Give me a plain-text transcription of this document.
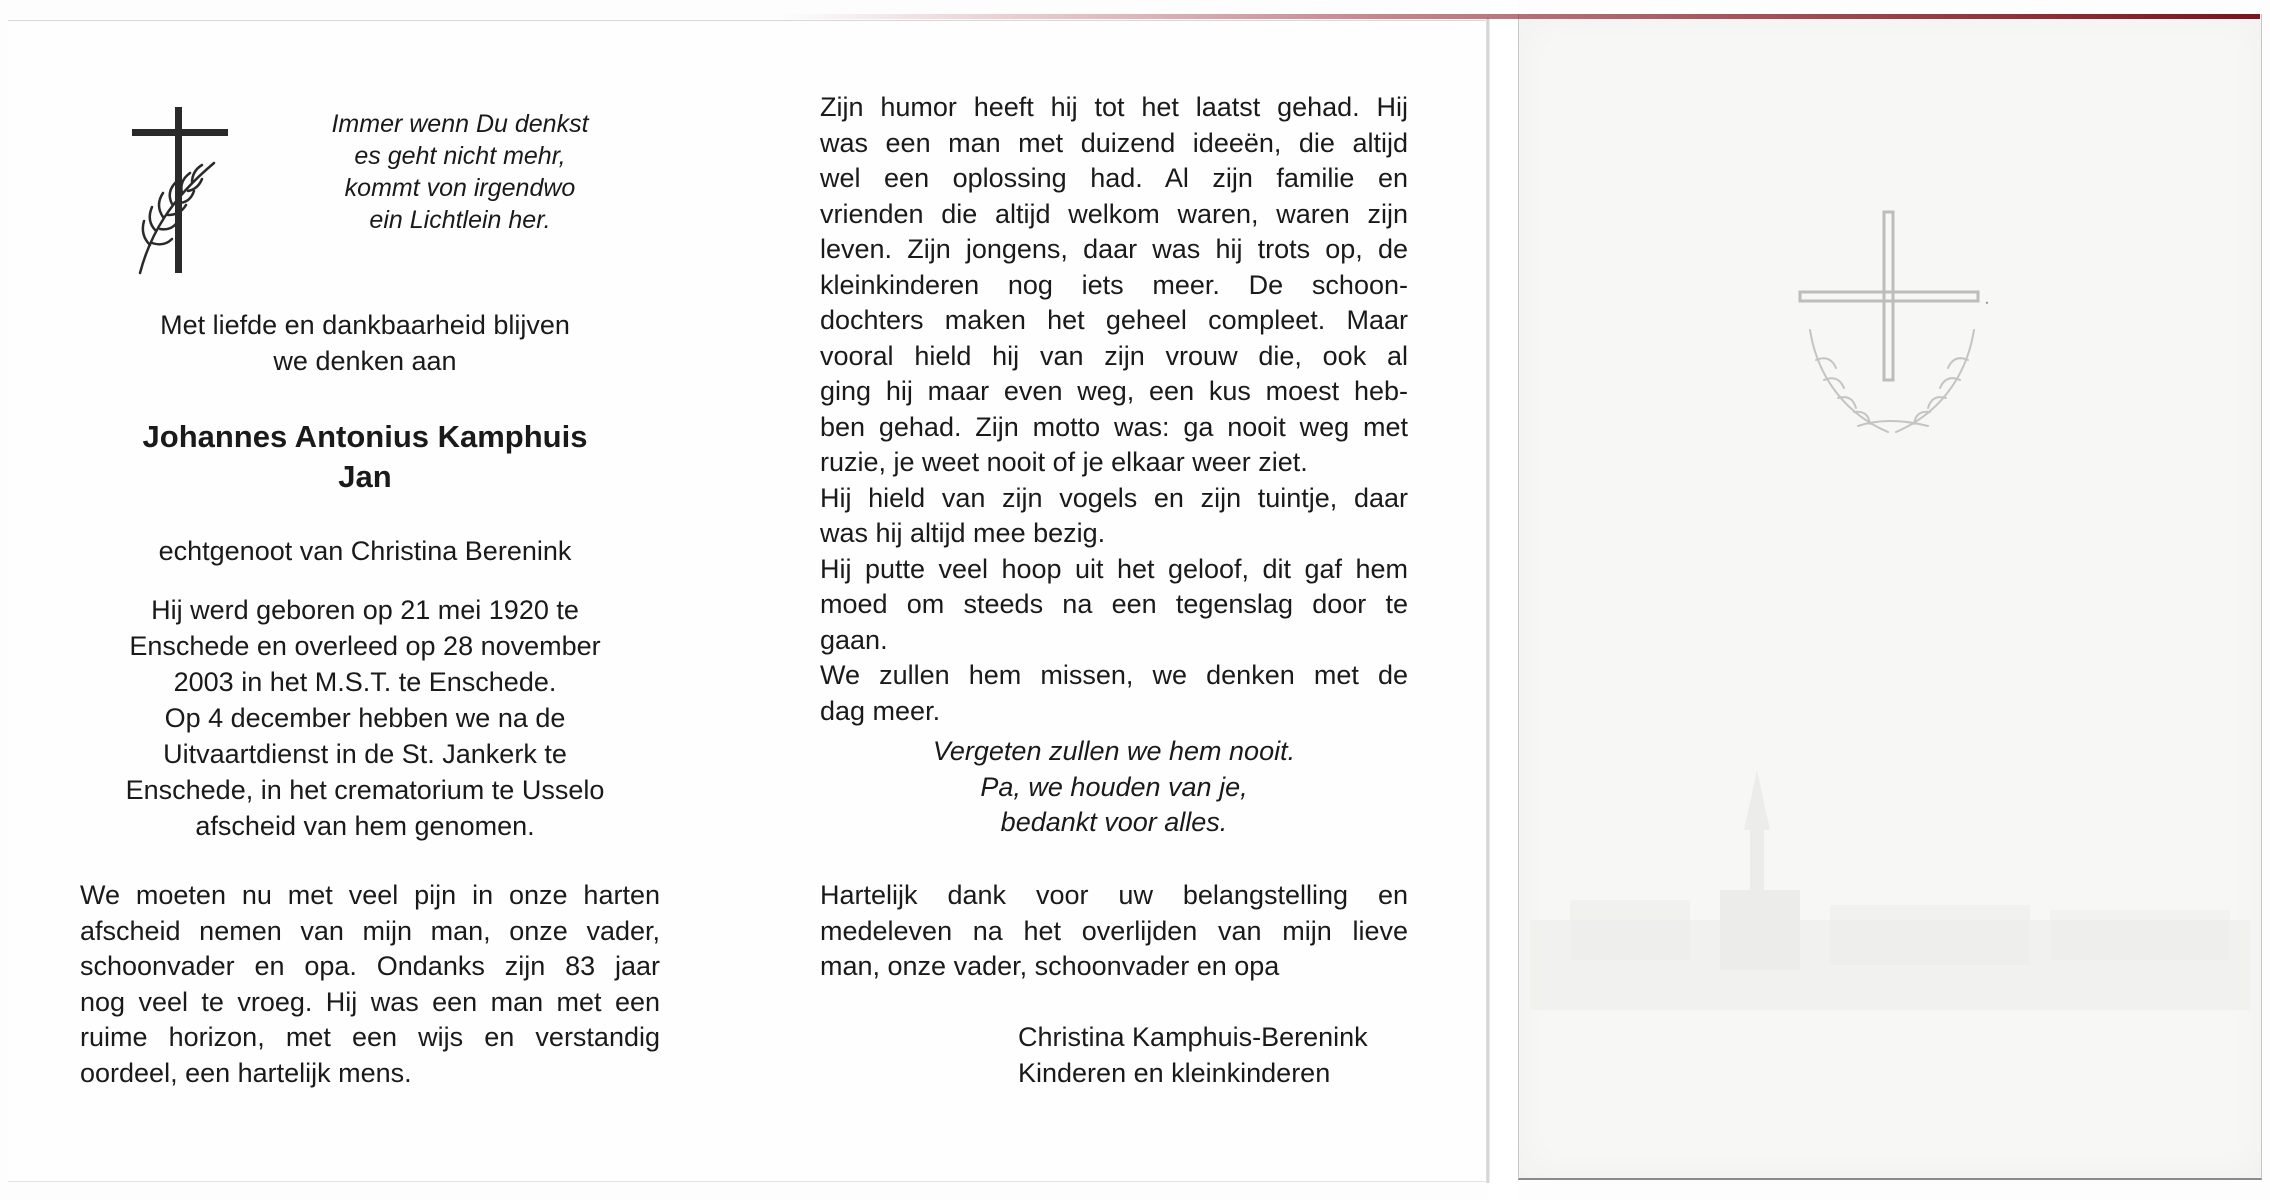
Immer wenn Du denkst

es geht nicht mehr,

kommt von irgendwo

ein Lichtlein her.

Met liefde en dankbaarheid blijven

we denken aan

Johannes Antonius Kamphuis

Jan

echtgenoot van Christina Berenink

Hij werd geboren op 21 mei 1920 te

Enschede en overleed op 28 november

2003 in het M.S.T. te Enschede.

Op 4 december hebben we na de

Uitvaartdienst in de St. Jankerk te

Enschede, in het crematorium te Usselo

afscheid van hem genomen.

We moeten nu met veel pijn in onze harten
afscheid nemen van mijn man, onze vader,
schoonvader en opa. Ondanks zijn 83 jaar
nog veel te vroeg. Hij was een man met een
ruime horizon, met een wijs en verstandig
oordeel, een hartelijk mens.
Zijn humor heeft hij tot het laatst gehad. Hij
was een man met duizend ideeën, die altijd
wel een oplossing had. Al zijn familie en
vrienden die altijd welkom waren, waren zijn
leven. Zijn jongens, daar was hij trots op, de
kleinkinderen nog iets meer. De schoon-
dochters maken het geheel compleet. Maar
vooral hield hij van zijn vrouw die, ook al
ging hij maar even weg, een kus moest heb-
ben gehad. Zijn motto was: ga nooit weg met
ruzie, je weet nooit of je elkaar weer ziet.
Hij hield van zijn vogels en zijn tuintje, daar
was hij altijd mee bezig.
Hij putte veel hoop uit het geloof, dit gaf hem
moed om steeds na een tegenslag door te
gaan.
We zullen hem missen, we denken met de
dag meer.

Vergeten zullen we hem nooit.

Pa, we houden van je,

bedankt voor alles.

Hartelijk dank voor uw belangstelling en
medeleven na het overlijden van mijn lieve
man, onze vader, schoonvader en opa

Christina Kamphuis-Berenink

Kinderen en kleinkinderen
